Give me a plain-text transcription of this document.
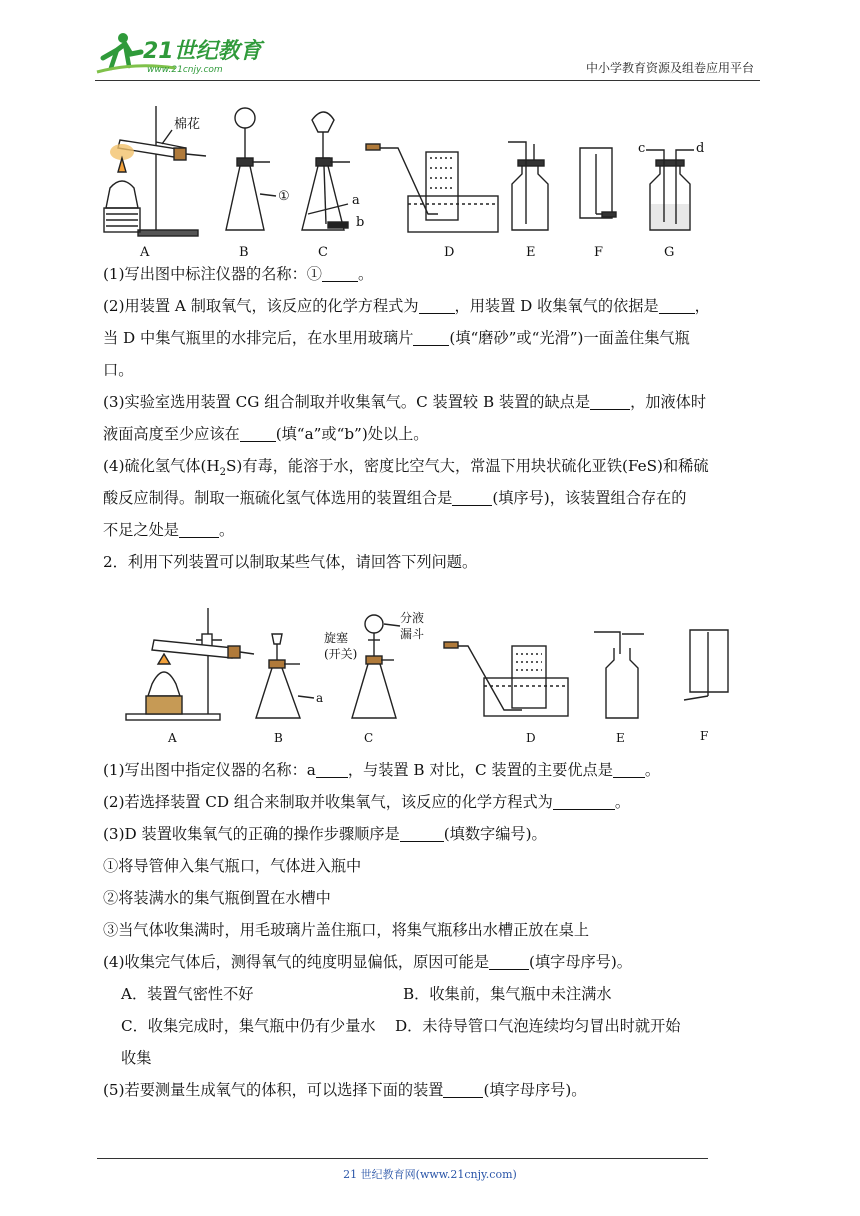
21世纪教育
www.21cnjy.com	中小学教育资源及组卷应用平台
棉花
A
①
B
a
b
C	D	E	F
c	d
G
(1)写出图中标注仪器的名称：① 。
(2)用装置 A 制取氧气，该反应的化学方程式为 ，用装置 D 收集氧气的依据是 ，
当 D 中集气瓶里的水排完后，在水里用玻璃片 (填“磨砂”或“光滑”)一面盖住集气瓶
口。
(3)实验室选用装置 CG 组合制取并收集氧气。C 装置较 B 装置的缺点是	，加液体时
液面高度至少应该在 (填“a”或“b”)处以上。
(4)硫化氢气体$(H_2S)$有毒，能溶于水，密度比空气大，常温下用块状硫化亚铁(FeS)和稀硫
酸反应制得。制取一瓶硫化氢气体选用的装置组合是	(填序号)，该装置组合存在的
不足之处是	。
2．利用下列装置可以制取某些气体，请回答下列问题。
A
a
B
旋塞
(开关)
分液
漏斗
C	D	E	F
(1)写出图中指定仪器的名称：a ，与装置 B 对比，C 装置的主要优点是 。
(2)若选择装置 CD 组合来制取并收集氧气，该反应的化学方程式为	。
(3)D 装置收集氧气的正确的操作步骤顺序是	(填数字编号)。
①将导管伸入集气瓶口，气体进入瓶中
②将装满水的集气瓶倒置在水槽中
③当气体收集满时，用毛玻璃片盖住瓶口，将集气瓶移出水槽正放在桌上
(4)收集完气体后，测得氧气的纯度明显偏低，原因可能是	(填字母序号)。
A．装置气密性不好	B．收集前，集气瓶中未注满水
C．收集完成时，集气瓶中仍有少量水 D．未待导管口气泡连续均匀冒出时就开始
收集
(5)若要测量生成氧气的体积，可以选择下面的装置	(填字母序号)。
21 世纪教育网(www.21cnjy.com)
